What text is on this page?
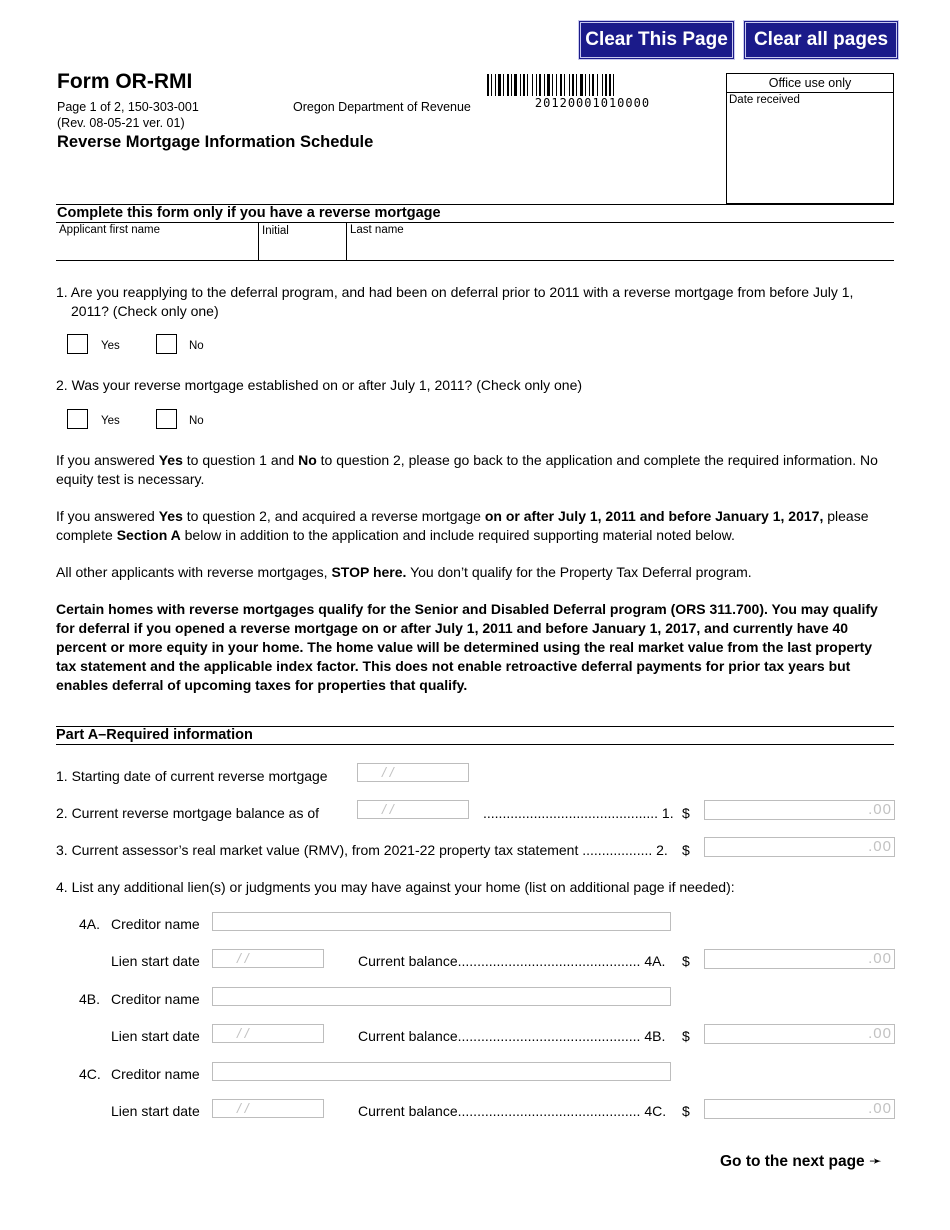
Clear This Page	Clear all pages
Form OR-RMI
Page 1 of 2, 150-303-001
(Rev. 08-05-21 ver. 01)
Oregon Department of Revenue
Reverse Mortgage Information Schedule
20120001010000
Office use only
Date received
Complete this form only if you have a reverse mortgage
Applicant first name	Initial	Last name
1. Are you reapplying to the deferral program, and had been on deferral prior to 2011 with a reverse mortgage from before July 1,
2011? (Check only one)
Yes	No
2. Was your reverse mortgage established on or after July 1, 2011? (Check only one)
Yes	No
If you answered Yes to question 1 and No to question 2, please go back to the application and complete the required information. No equity test is necessary.
If you answered Yes to question 2, and acquired a reverse mortgage on or after July 1, 2011 and before January 1, 2017, please complete Section A below in addition to the application and include required supporting material noted below.
All other applicants with reverse mortgages, STOP here. You don’t qualify for the Property Tax Deferral program.
Certain homes with reverse mortgages qualify for the Senior and Disabled Deferral program (ORS 311.700). You may qualify for deferral if you opened a reverse mortgage on or after July 1, 2011 and before January 1, 2017, and currently have 40 percent or more equity in your home. The home value will be determined using the real market value from the last property tax statement and the applicable index factor. This does not enable retroactive deferral payments for prior tax years but enables deferral of upcoming taxes for properties that qualify.
Part A–Required information
1. Starting date of current reverse mortgage	/ /
2. Current reverse mortgage balance as of	/ /	............................................. 1. $	.00
3. Current assessor’s real market value (RMV), from 2021-22 property tax statement .................. 2. $	.00
4. List any additional lien(s) or judgments you may have against your home (list on additional page if needed):
4A. Creditor name
Lien start date	/ /	Current balance............................................... 4A. $	.00
4B. Creditor name
Lien start date	/ /	Current balance............................................... 4B. $	.00
4C. Creditor name
Lien start date	/ /	Current balance............................................... 4C. $	.00
Go to the next page ➛
